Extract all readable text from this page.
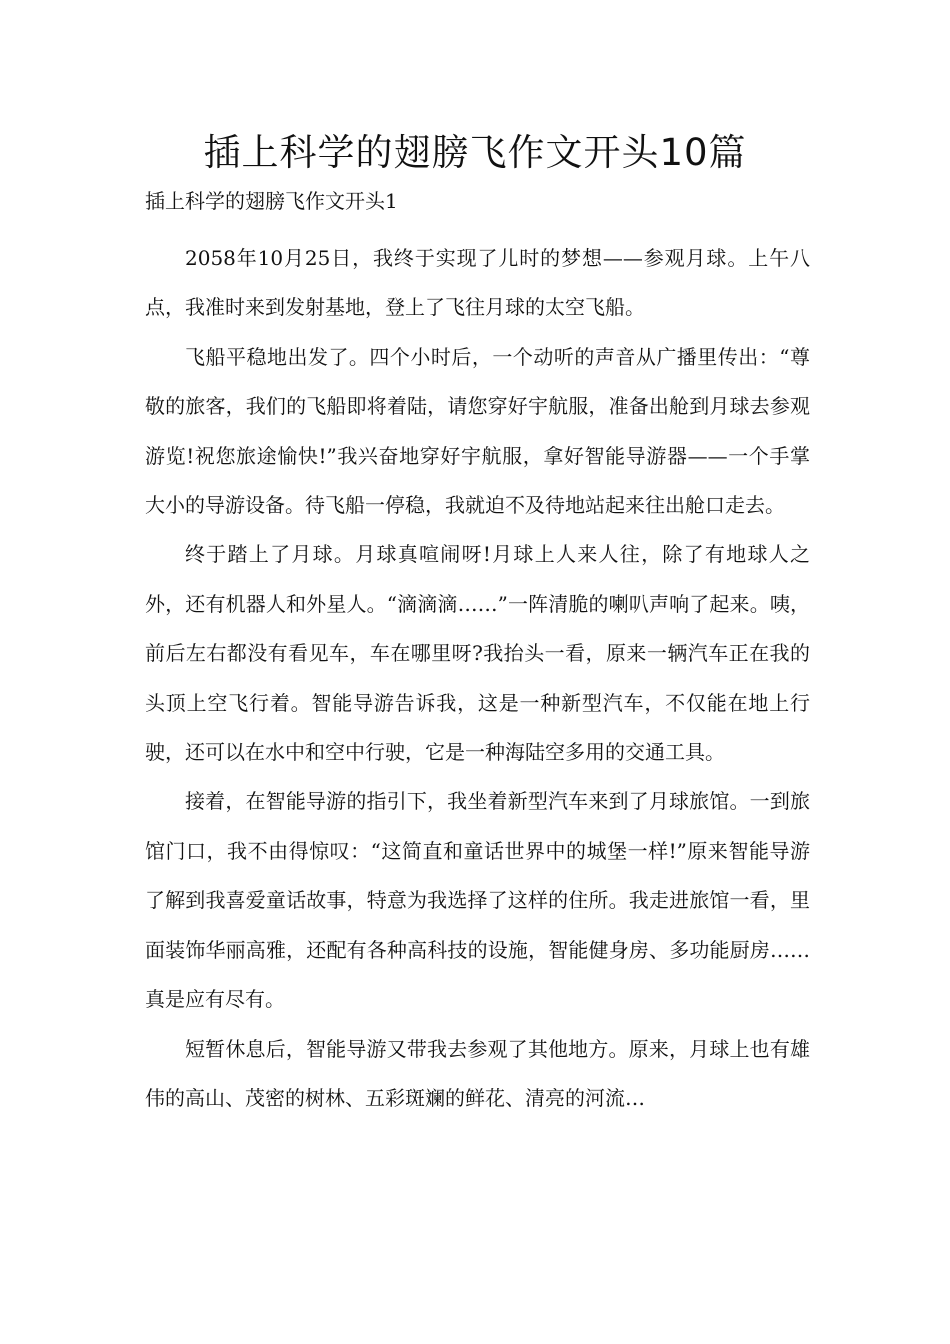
插上科学的翅膀飞作文开头10篇
插上科学的翅膀飞作文开头1

2058年10月25日，我终于实现了儿时的梦想——参观月球。上午八点，我准时来到发射基地，登上了飞往月球的太空飞船。

飞船平稳地出发了。四个小时后，一个动听的声音从广播里传出：“尊敬的旅客，我们的飞船即将着陆，请您穿好宇航服，准备出舱到月球去参观游览!祝您旅途愉快!”我兴奋地穿好宇航服，拿好智能导游器——一个手掌大小的导游设备。待飞船一停稳，我就迫不及待地站起来往出舱口走去。

终于踏上了月球。月球真喧闹呀!月球上人来人往，除了有地球人之外，还有机器人和外星人。“滴滴滴……”一阵清脆的喇叭声响了起来。咦，前后左右都没有看见车，车在哪里呀?我抬头一看，原来一辆汽车正在我的头顶上空飞行着。智能导游告诉我，这是一种新型汽车，不仅能在地上行驶，还可以在水中和空中行驶，它是一种海陆空多用的交通工具。

接着，在智能导游的指引下，我坐着新型汽车来到了月球旅馆。一到旅馆门口，我不由得惊叹：“这简直和童话世界中的城堡一样!”原来智能导游了解到我喜爱童话故事，特意为我选择了这样的住所。我走进旅馆一看，里面装饰华丽高雅，还配有各种高科技的设施，智能健身房、多功能厨房……真是应有尽有。

短暂休息后，智能导游又带我去参观了其他地方。原来，月球上也有雄伟的高山、茂密的树林、五彩斑斓的鲜花、清亮的河流…
